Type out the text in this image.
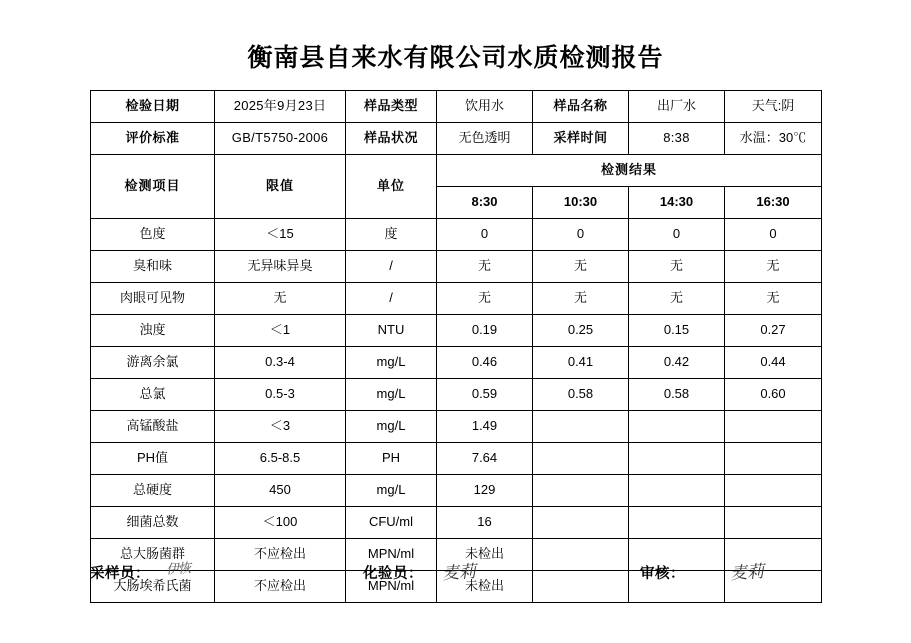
衡南县自来水有限公司水质检测报告
检验日期	2025年9月23日	样品类型	饮用水	样品名称	出厂水	天气:阴
评价标准	GB/T5750-2006	样品状况	无色透明	采样时间	8:38	水温：30℃
检测项目	限值	单位	检测结果			
			8:30	10:30	14:30	16:30
色度	＜15	度	0	0	0	0
臭和味	无异味异臭	/	无	无	无	无
肉眼可见物	无	/	无	无	无	无
浊度	＜1	NTU	0.19	0.25	0.15	0.27
游离余氯	0.3-4	mg/L	0.46	0.41	0.42	0.44
总氯	0.5-3	mg/L	0.59	0.58	0.58	0.60
高锰酸盐	＜3	mg/L	1.49			
PH值	6.5-8.5	PH	7.64			
总硬度	450	mg/L	129			
细菌总数	＜100	CFU/ml	16			
总大肠菌群	不应检出	MPN/ml	未检出			
大肠埃希氏菌	不应检出	MPN/ml	未检出			
采样员： 伊恢	化验员： 麦莉	审核：	麦莉
